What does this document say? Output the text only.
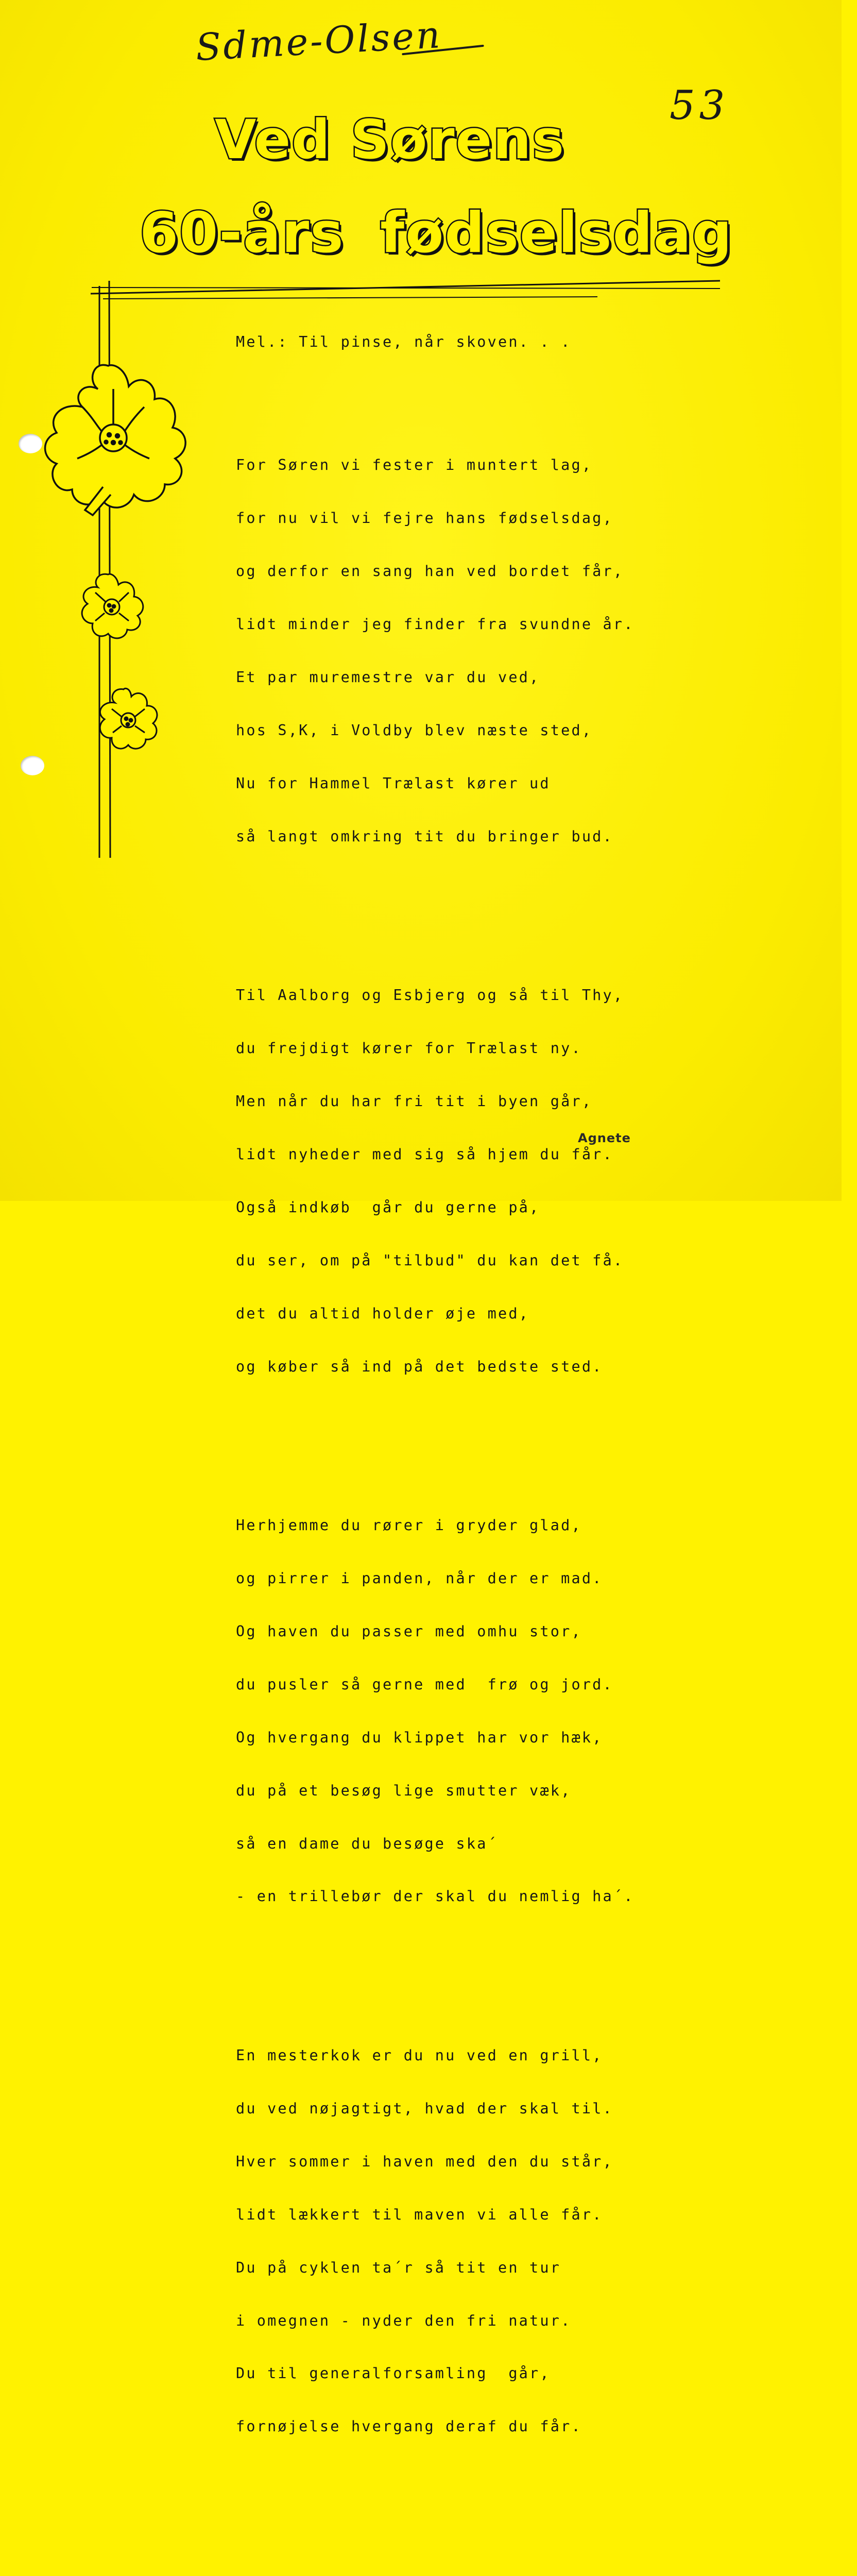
Sdme-Olsen
53
Ved Sørens
60-års fødselsdag

Mel.: Til pinse, når skoven. . .

For Søren vi fester i muntert lag,

for nu vil vi fejre hans fødselsdag,

og derfor en sang han ved bordet får,

lidt minder jeg finder fra svundne år.

Et par muremestre var du ved,

hos S,K, i Voldby blev næste sted,

Nu for Hammel Trælast kører ud

så langt omkring tit du bringer bud.

Til Aalborg og Esbjerg og så til Thy,

du frejdigt kører for Trælast ny.

Men når du har fri tit i byen går,

lidt nyheder med sig så hjem du får.

Også indkøb  går du gerne på,

du ser, om på "tilbud" du kan det få.

det du altid holder øje med,

og køber så ind på det bedste sted.

Herhjemme du rører i gryder glad,

og pirrer i panden, når der er mad.

Og haven du passer med omhu stor,

du pusler så gerne med  frø og jord.

Og hvergang du klippet har vor hæk,

du på et besøg lige smutter væk,

så en dame du besøge ska´

- en trillebør der skal du nemlig ha´.

En mesterkok er du nu ved en grill,

du ved nøjagtigt, hvad der skal til.

Hver sommer i haven med den du står,

lidt lækkert til maven vi alle får.

Du på cyklen ta´r så tit en tur

i omegnen - nyder den fri natur.

Du til generalforsamling  går,

fornøjelse hvergang deraf du får.

Agnete
